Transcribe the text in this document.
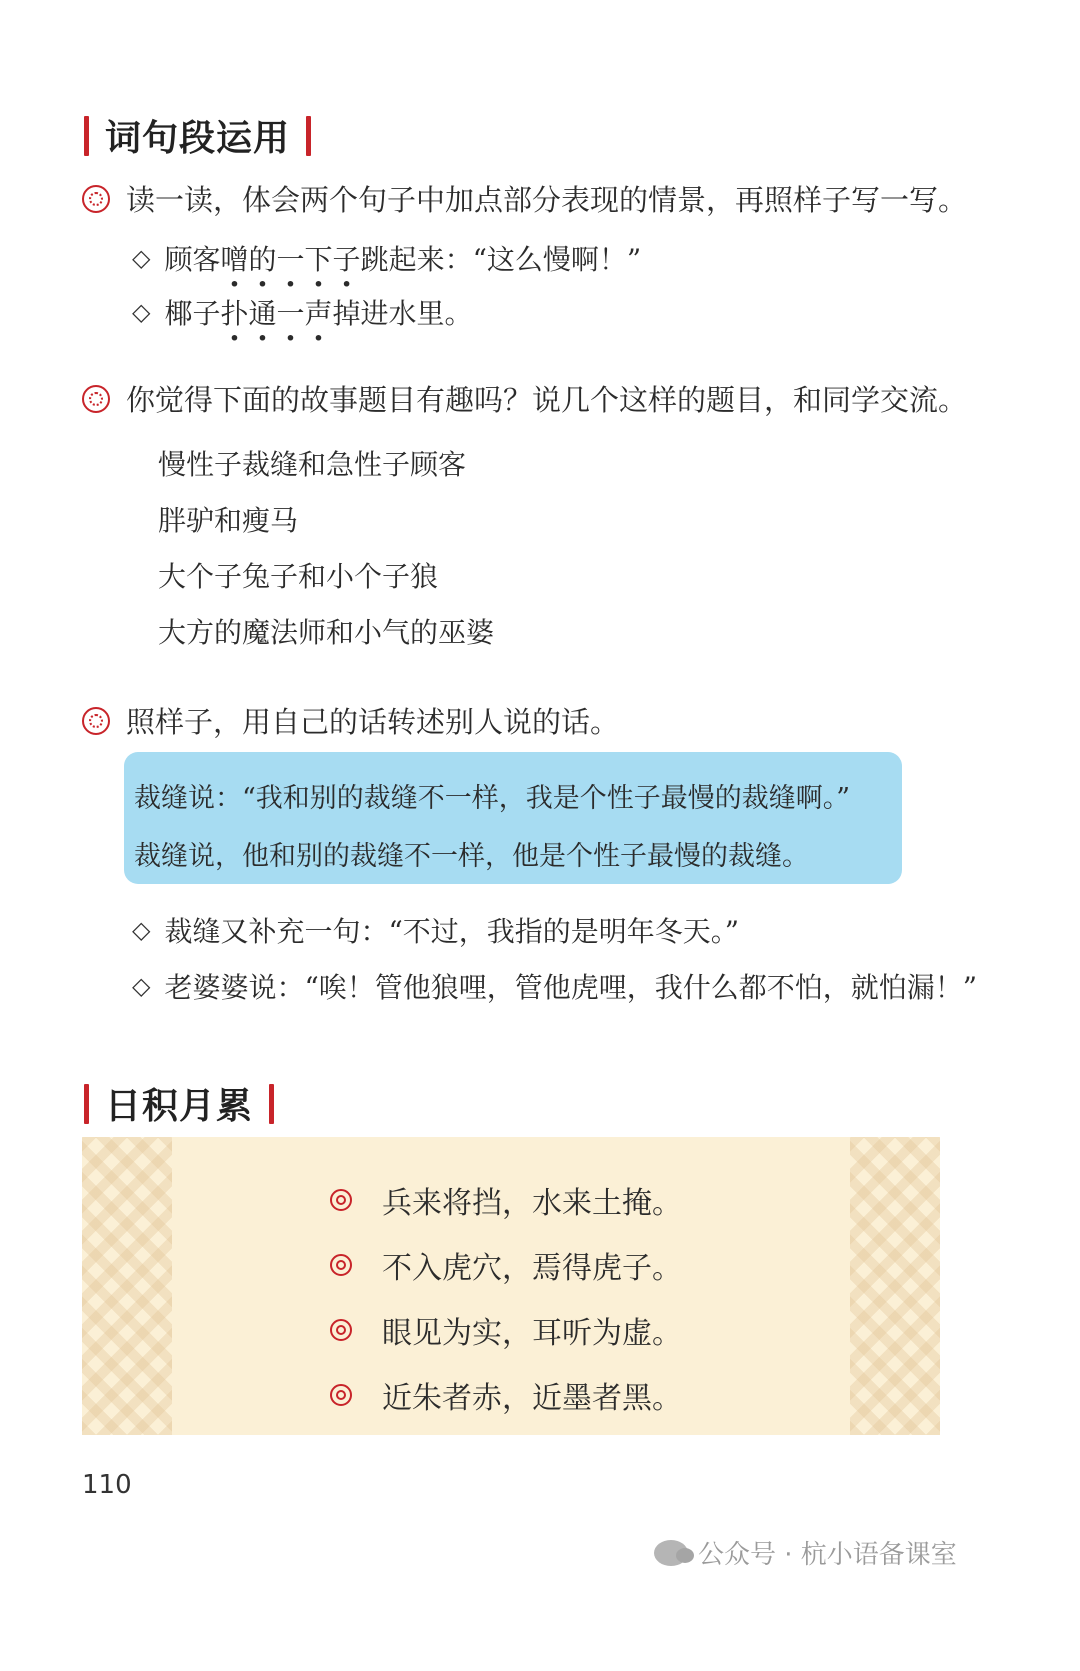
词句段运用
读一读，体会两个句子中加点部分表现的情景，再照样子写一写。
◇ 顾客 噌 · 的 · 一 · 下 · 子 · 跳起来：“这么慢啊！”
◇ 椰子 扑 · 通 · 一 · 声 · 掉进水里。
你觉得下面的故事题目有趣吗？说几个这样的题目，和同学交流。
慢性子裁缝和急性子顾客
胖驴和瘦马
大个子兔子和小个子狼
大方的魔法师和小气的巫婆
照样子，用自己的话转述别人说的话。
裁缝说：“我和别的裁缝不一样，我是个性子最慢的裁缝啊。”
裁缝说，他和别的裁缝不一样，他是个性子最慢的裁缝。
◇ 裁缝又补充一句：“不过，我指的是明年冬天。”
◇ 老婆婆说：“唉！管他狼哩，管他虎哩，我什么都不怕，就怕漏！”
日积月累
兵来将挡，水来土掩。
不入虎穴，焉得虎子。
眼见为实，耳听为虚。
近朱者赤，近墨者黑。
110
公众号 · 杭小语备课室
